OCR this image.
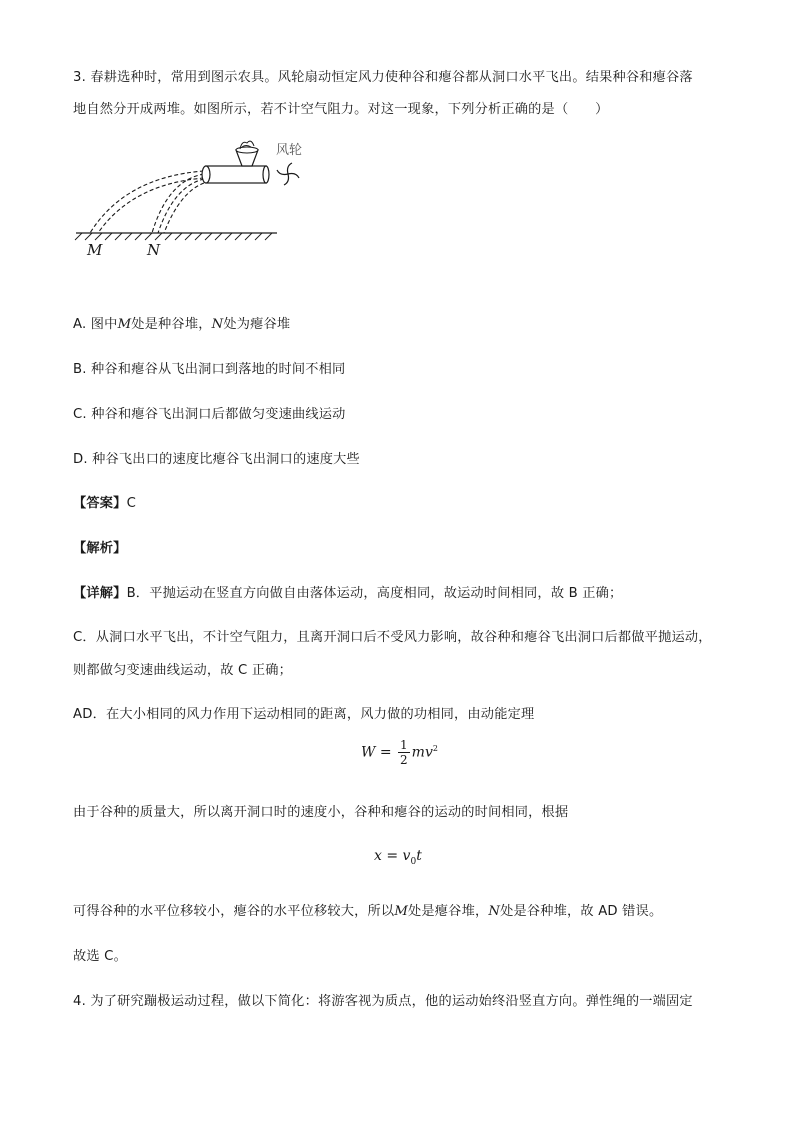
3. 春耕选种时，常用到图示农具。风轮扇动恒定风力使种谷和瘪谷都从洞口水平飞出。结果种谷和瘪谷落
地自然分开成两堆。如图所示，若不计空气阻力。对这一现象，下列分析正确的是（　　）
风轮
M	N
A. 图中M处是种谷堆，N处为瘪谷堆
B. 种谷和瘪谷从飞出洞口到落地的时间不相同
C. 种谷和瘪谷飞出洞口后都做匀变速曲线运动
D. 种谷飞出口的速度比瘪谷飞出洞口的速度大些
【答案】C
【解析】
【详解】B．平抛运动在竖直方向做自由落体运动，高度相同，故运动时间相同，故 B 正确；
C．从洞口水平飞出，不计空气阻力，且离开洞口后不受风力影响，故谷种和瘪谷飞出洞口后都做平抛运动，
则都做匀变速曲线运动，故 C 正确；
AD．在大小相同的风力作用下运动相同的距离，风力做的功相同，由动能定理
$W = \frac{1}{2} mv^2$
由于谷种的质量大，所以离开洞口时的速度小，谷种和瘪谷的运动的时间相同，根据
$x = v_0t$
可得谷种的水平位移较小，瘪谷的水平位移较大，所以M处是瘪谷堆，N处是谷种堆，故 AD 错误。
故选 C。
4. 为了研究蹦极运动过程，做以下简化：将游客视为质点，他的运动始终沿竖直方向。弹性绳的一端固定
